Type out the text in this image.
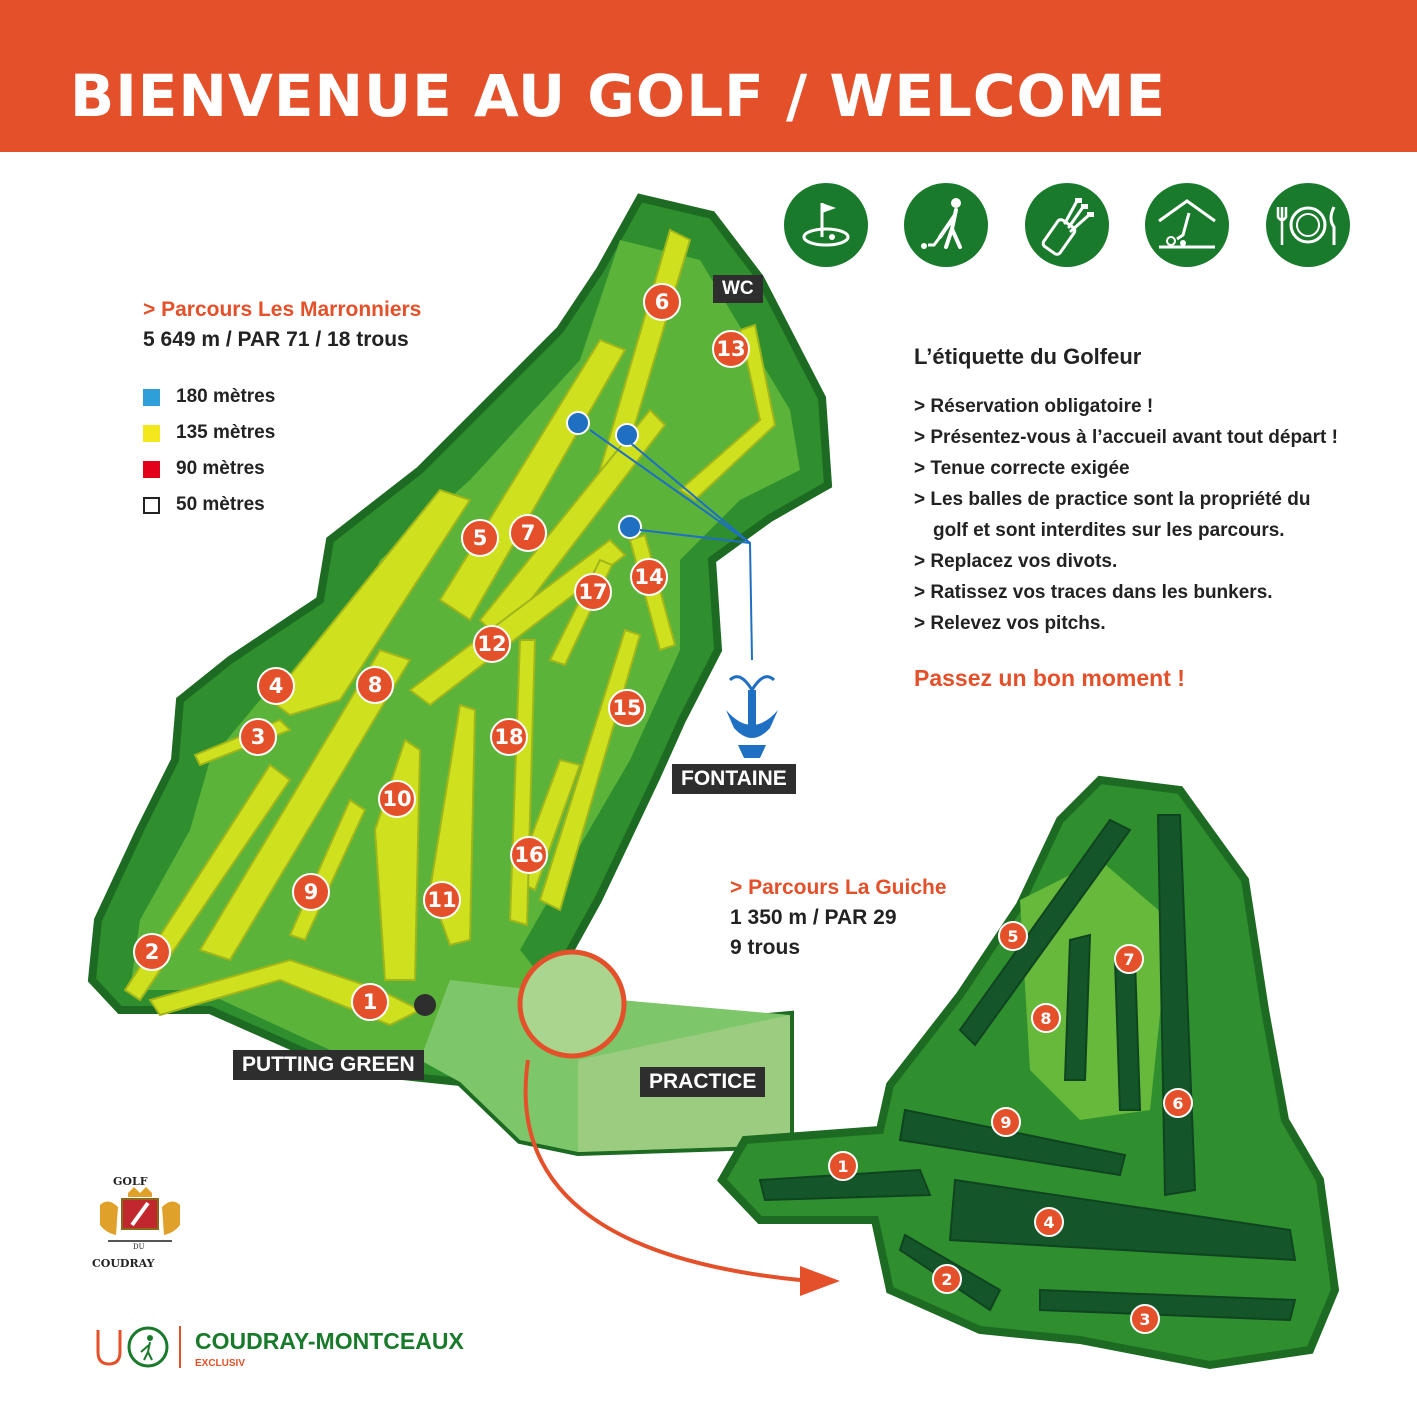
BIENVENUE AU GOLF / WELCOME
> Parcours Les Marronniers
5 649 m / PAR 71 / 18 trous
180 mètres
135 mètres
90 mètres
50 mètres
L’étiquette du Golfeur
> Réservation obligatoire !
> Présentez-vous à l’accueil avant tout départ !
> Tenue correcte exigée
> Les balles de practice sont la propriété du
golf et sont interdites sur les parcours.
> Replacez vos divots.
> Ratissez vos traces dans les bunkers.
> Relevez vos pitchs.
Passez un bon moment !
WC
FONTAINE
PUTTING GREEN
PRACTICE
1
2
3
4
5
6
7
8
9
10
11
12
13
14
15
16
17
18
> Parcours La Guiche
1 350 m / PAR 29
9 trous
1
2
3
4
5
6
7
8
9
GOLF
DU
COUDRAY
COUDRAY-MONTCEAUX
EXCLUSIV
